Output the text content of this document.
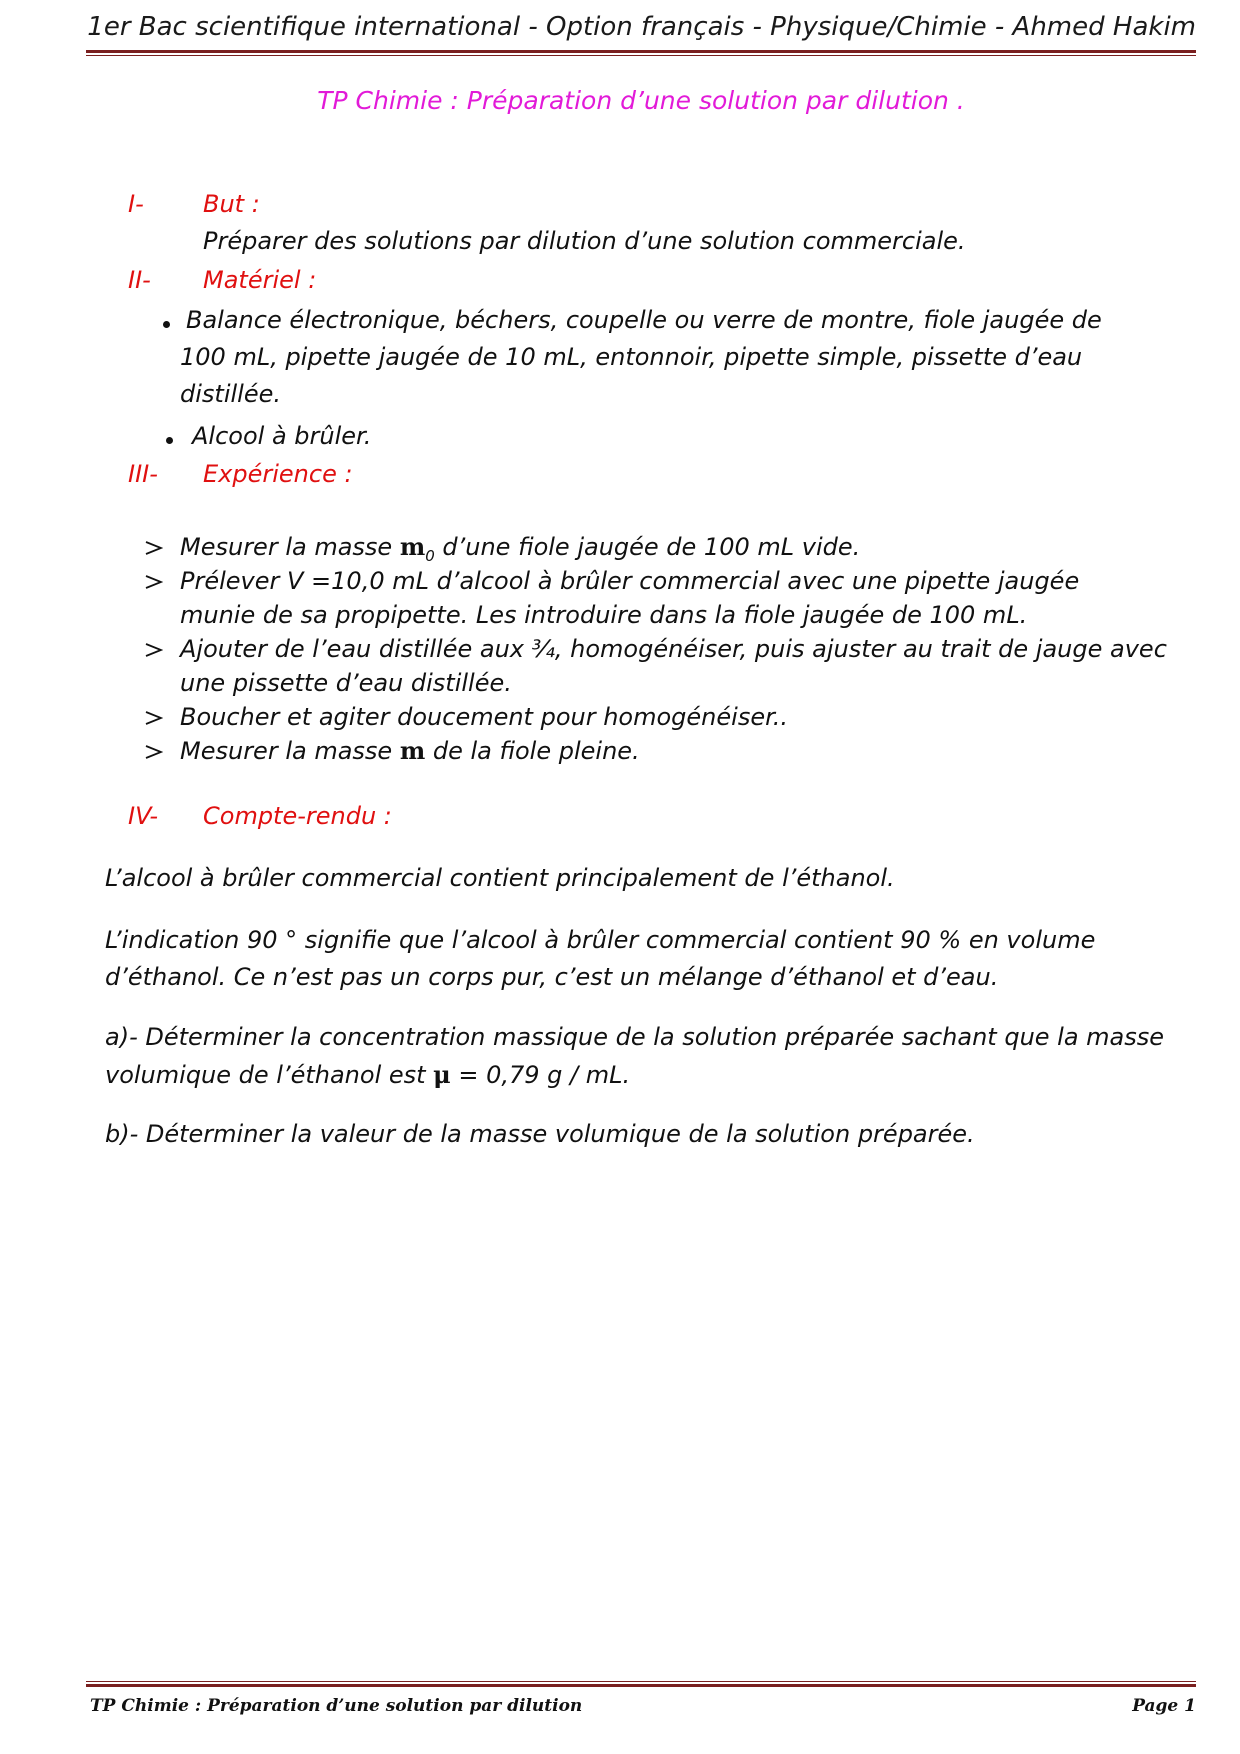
1er Bac scientifique international - Option français - Physique/Chimie - Ahmed Hakim
TP Chimie : Préparation d’une solution par dilution .
I- But :
Préparer des solutions par dilution d’une solution commerciale.
II- Matériel :
Balance électronique, béchers, coupelle ou verre de montre, fiole jaugée de 100 mL, pipette jaugée de 10 mL, entonnoir, pipette simple, pissette d’eau distillée.
Alcool à brûler.
III- Expérience :
Mesurer la masse $m_0$ d’une fiole jaugée de 100 mL vide.
Prélever V =10,0 mL d’alcool à brûler commercial avec une pipette jaugée munie de sa propipette. Les introduire dans la fiole jaugée de 100 mL.
Ajouter de l’eau distillée aux ¾, homogénéiser, puis ajuster au trait de jauge avec une pissette d’eau distillée.
Boucher et agiter doucement pour homogénéiser..
Mesurer la masse m de la fiole pleine.
IV- Compte-rendu :
L’alcool à brûler commercial contient principalement de l’éthanol.
L’indication 90 ° signifie que l’alcool à brûler commercial contient 90 % en volume d’éthanol. Ce n’est pas un corps pur, c’est un mélange d’éthanol et d’eau.
a)- Déterminer la concentration massique de la solution préparée sachant que la masse volumique de l’éthanol est μ = 0,79 g / mL.
b)- Déterminer la valeur de la masse volumique de la solution préparée.
TP Chimie : Préparation d’une solution par dilution	Page 1
